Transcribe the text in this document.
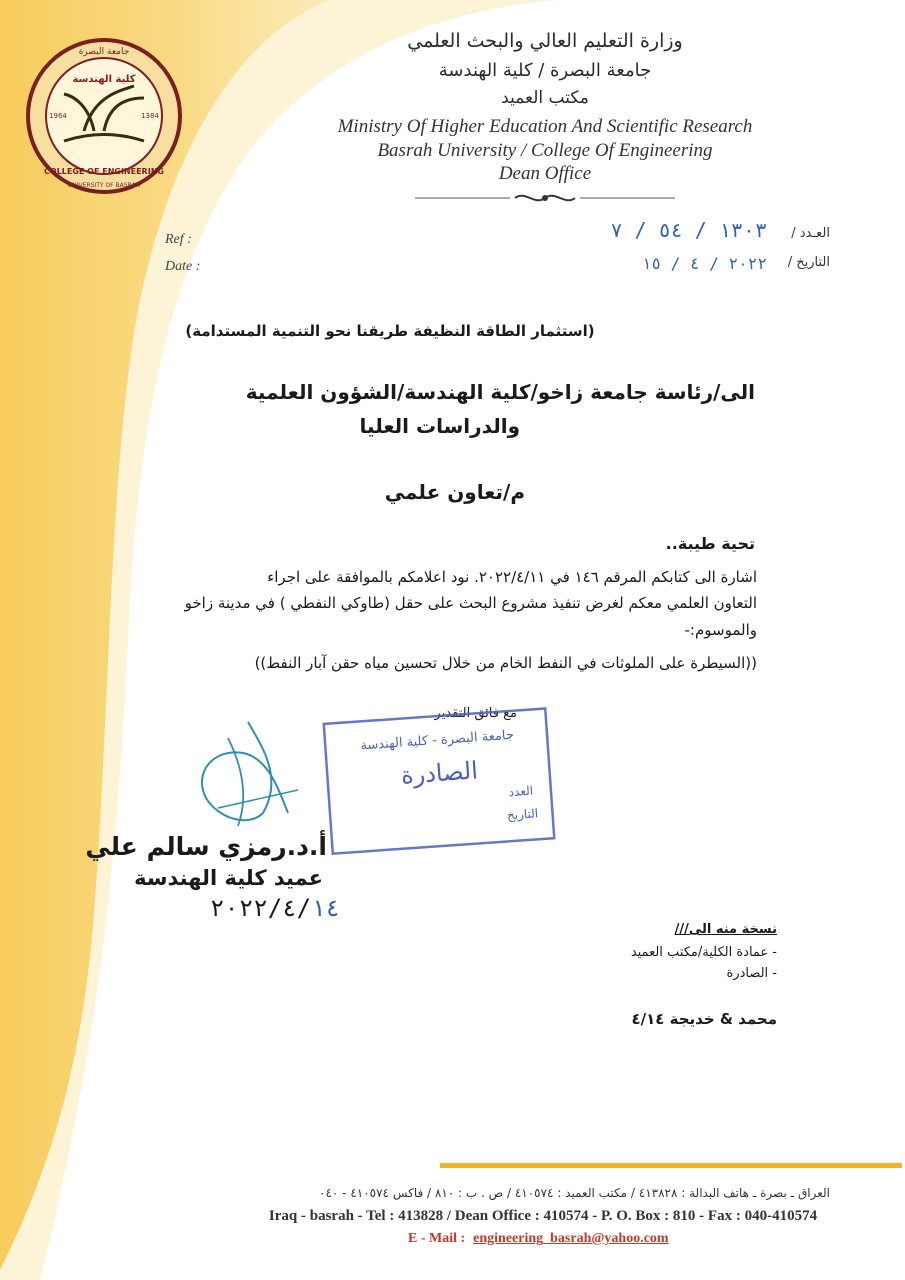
جامعة البصرة
COLLEGE OF ENGINEERING
UNIVERSITY OF BASRAH
كلية الهندسة
1964	1384
وزارة التعليم العالي والبحث العلمي
جامعة البصرة / كلية الهندسة
مكتب العميد
Ministry Of Higher Education And Scientific Research
Basrah University / College Of Engineering
Dean Office
Ref :
Date :
العـدد /
التاريخ /
١٣٠٣ / ٥٤ / ٧
٢٠٢٢ / ٤ / ١٥
(استثمار الطاقة النظيفة طريقنا نحو التنمية المستدامة)
الى/رئاسة جامعة زاخو/كلية الهندسة/الشؤون العلمية
والدراسات العليا
م/تعاون علمي
تحية طيبة..
اشارة الى كتابكم المرقم ١٤٦ في ٢٠٢٢/٤/١١. نود اعلامكم بالموافقة على اجراء
التعاون العلمي معكم لغرض تنفيذ مشروع البحث على حقل (طاوكي النفطي ) في مدينة زاخو
والموسوم:-
((السيطرة على الملوثات في النفط الخام من خلال تحسين مياه حقن آبار النفط))
مع فائق التقدير
جامعة البصرة - كلية الهندسة
الصادرة
العدد
التاريخ
أ.د.رمزي سالم علي
عميد كلية الهندسة
٢٠٢٢/٤/١٤
نسخة منه الى///
- عمادة الكلية/مكتب العميد
- الصادرة
محمد & خديجة ٤/١٤
العراق ـ بصرة ـ هاتف البدالة : ٤١٣٨٢٨ / مكتب العميد : ٤١٠٥٧٤ / ص . ب : ٨١٠ / فاكس ٤١٠٥٧٤ - ٠٤٠
Iraq - basrah - Tel : 413828 / Dean Office : 410574 - P. O. Box : 810 - Fax : 040-410574
E - Mail : engineering_basrah@yahoo.com
